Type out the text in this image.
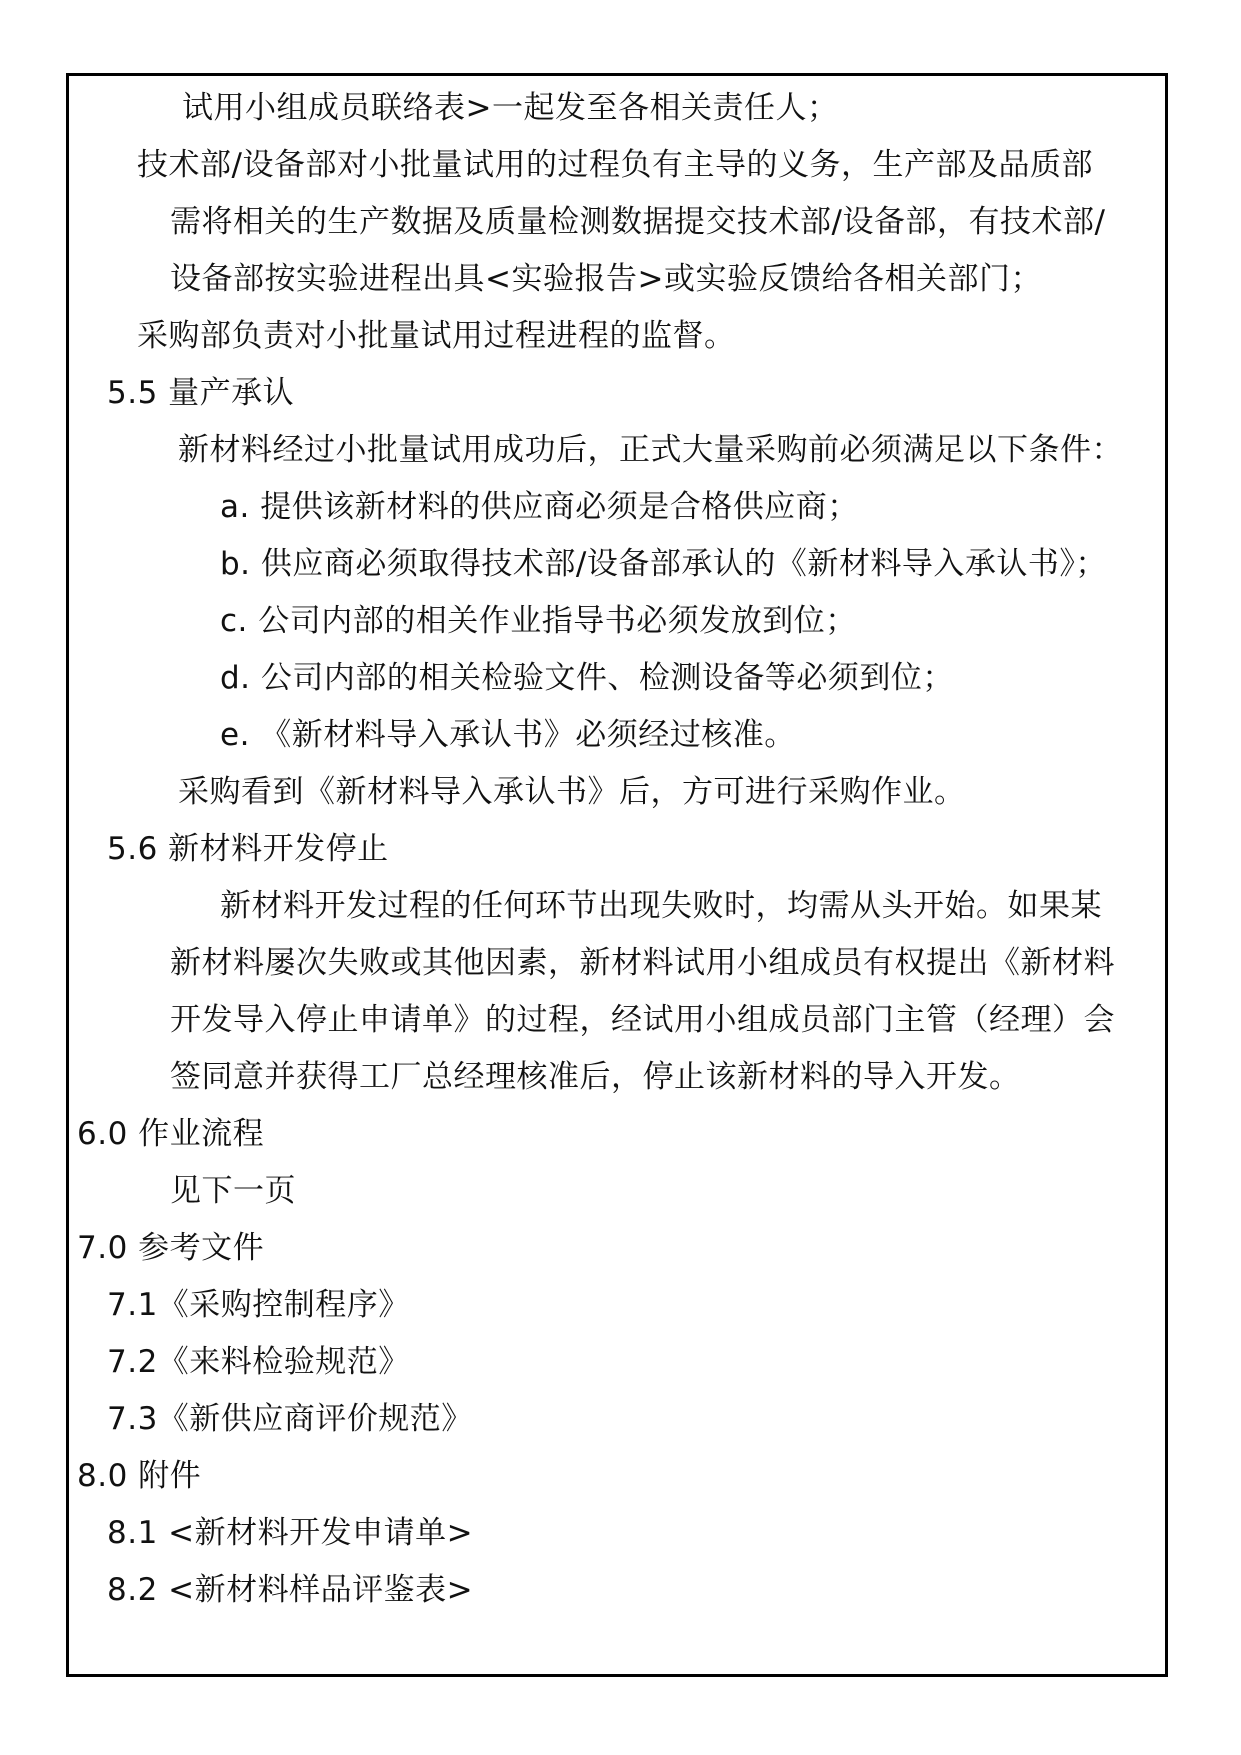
试用小组成员联络表>一起发至各相关责任人；
技术部/设备部对小批量试用的过程负有主导的义务，生产部及品质部
需将相关的生产数据及质量检测数据提交技术部/设备部，有技术部/
设备部按实验进程出具<实验报告>或实验反馈给各相关部门；
采购部负责对小批量试用过程进程的监督。
5.5 量产承认
新材料经过小批量试用成功后，正式大量采购前必须满足以下条件：
a. 提供该新材料的供应商必须是合格供应商；
b. 供应商必须取得技术部/设备部承认的《新材料导入承认书》；
c. 公司内部的相关作业指导书必须发放到位；
d. 公司内部的相关检验文件、检测设备等必须到位；
e. 《新材料导入承认书》必须经过核准。
采购看到《新材料导入承认书》后，方可进行采购作业。
5.6 新材料开发停止
新材料开发过程的任何环节出现失败时，均需从头开始。如果某
新材料屡次失败或其他因素，新材料试用小组成员有权提出《新材料
开发导入停止申请单》的过程，经试用小组成员部门主管（经理）会
签同意并获得工厂总经理核准后，停止该新材料的导入开发。
6.0 作业流程
见下一页
7.0 参考文件
7.1《采购控制程序》
7.2《来料检验规范》
7.3《新供应商评价规范》
8.0 附件
8.1 <新材料开发申请单>
8.2 <新材料样品评鉴表>
